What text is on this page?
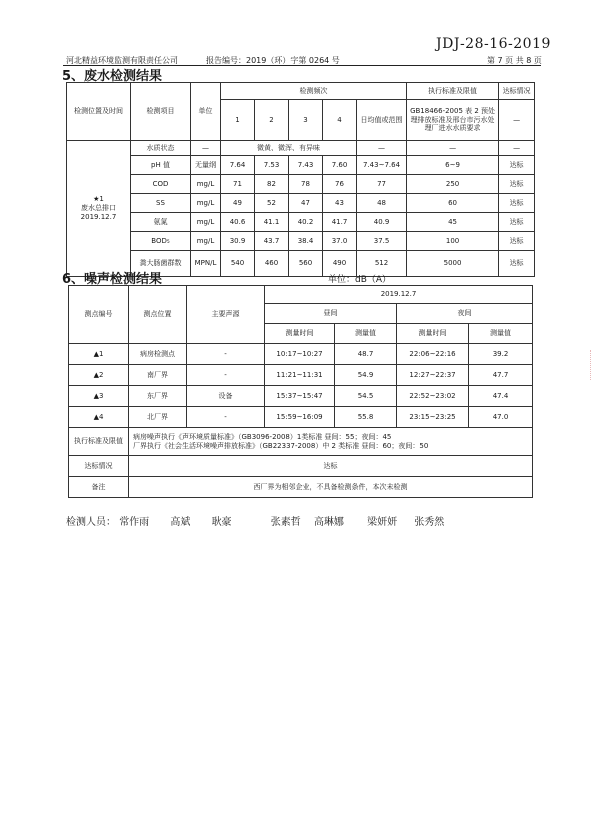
JDJ-28-16-2019
河北精益环境监测有限责任公司	报告编号：2019（环）字第 0264 号	第 7 页 共 8 页
5、废水检测结果
检测位置及时间	检测项目	单位	检测频次					执行标准及限值	达标情况
			1	2	3	4	日均值或范围	GB18466-2005 表 2 预处理排放标准及邢台市污水处理厂进水水质要求	—

★1
废水总排口
2019.12.7	水质状态	—	微黄、微浑、有异味				—	—	—
	pH 值	无量纲	7.64	7.53	7.43	7.60	7.43~7.64	6~9	达标
	COD	mg/L	71	82	78	76	77	250	达标
	SS	mg/L	49	52	47	43	48	60	达标
	氨氮	mg/L	40.6	41.1	40.2	41.7	40.9	45	达标
	BOD₅	mg/L	30.9	43.7	38.4	37.0	37.5	100	达标
	粪大肠菌群数	MPN/L	540	460	560	490	512	5000	达标
6、噪声检测结果	单位：dB（A）
测点编号	测点位置	主要声源	2019.12.7			
			昼间		夜间	
			测量时间	测量值	测量时间	测量值
▲1	病房检测点	-	10:17~10:27	48.7	22:06~22:16	39.2
▲2	南厂界	-	11:21~11:31	54.9	12:27~22:37	47.7
▲3	东厂界	设备	15:37~15:47	54.5	22:52~23:02	47.4
▲4	北厂界	-	15:59~16:09	55.8	23:15~23:25	47.0
执行标准及限值	病房噪声执行《声环境质量标准》（GB3096-2008）1类标准 昼间：55；夜间：45
厂界执行《社会生活环境噪声排放标准》（GB22337-2008）中 2 类标准 昼间：60；夜间：50					

达标情况	达标					
备注	西厂界为相邻企业，不具备检测条件，本次未检测					
检测人员： 常作雨 高斌 耿豪	张素哲 高琳娜 梁妍妍 张秀然
